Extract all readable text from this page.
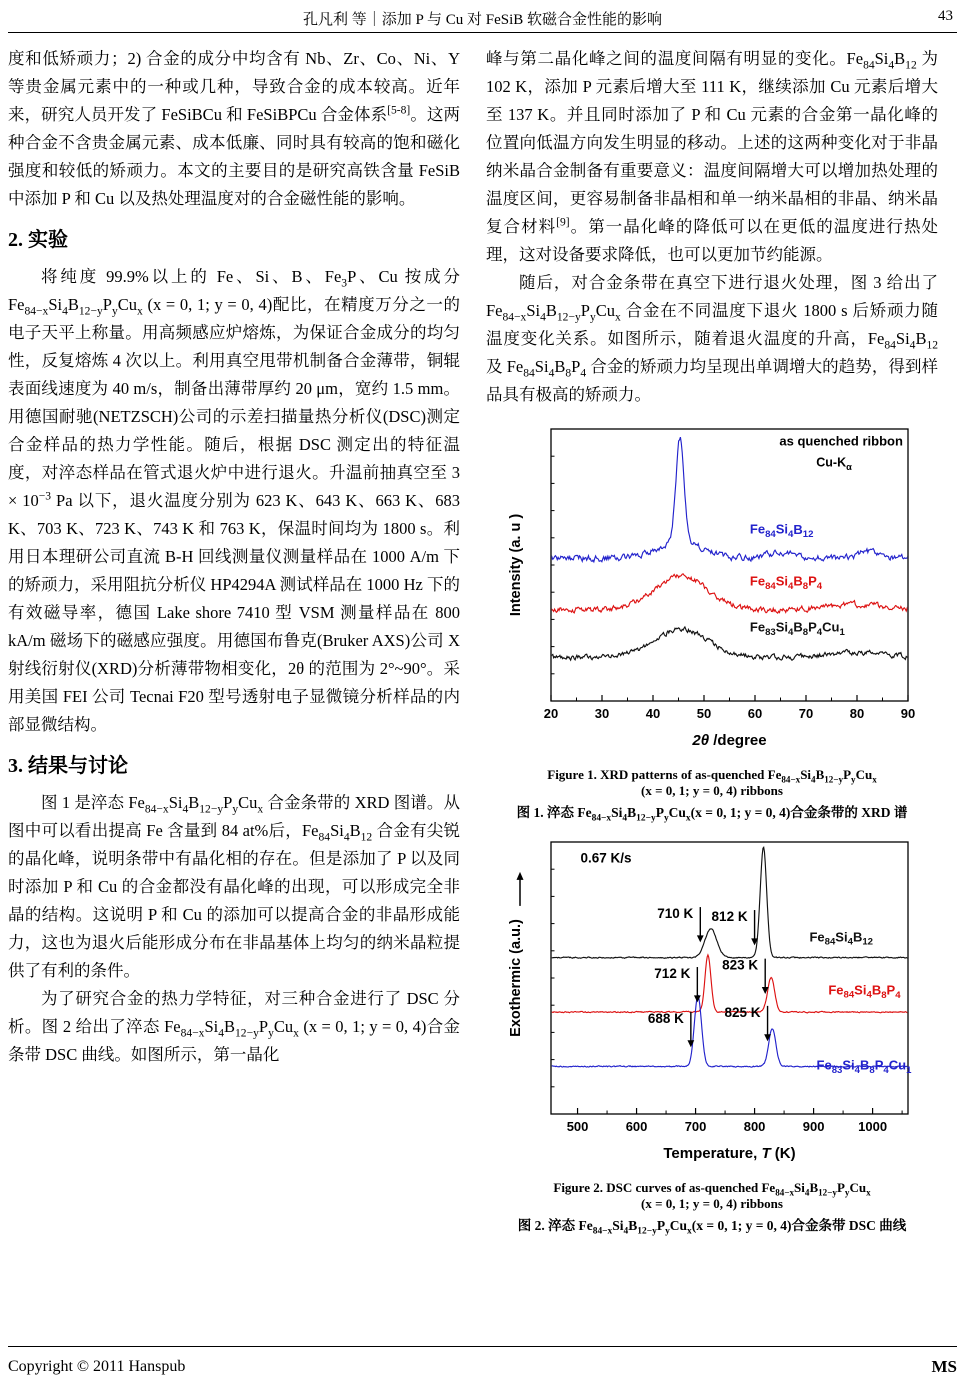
孔凡利 等｜添加 P 与 Cu 对 FeSiB 软磁合金性能的影响	43

度和低矫顽力；2) 合金的成分中均含有 Nb、Zr、Co、Ni、Y 等贵金属元素中的一种或几种，导致合金的成本较高。近年来，研究人员开发了 FeSiBCu 和 FeSiBPCu 合金体系[5-8]。这两种合金不含贵金属元素、成本低廉、同时具有较高的饱和磁化强度和较低的矫顽力。本文的主要目的是研究高铁含量 FeSiB 中添加 P 和 Cu 以及热处理温度对的合金磁性能的影响。

2. 实验

将纯度 99.9%以上的 Fe、Si、B、$Fe_3P$、Cu 按成分 $Fe_{84-x}Si_4B_{12-y}P_yCu_x$ (x = 0, 1; y = 0, 4)配比，在精度万分之一的电子天平上称量。用高频感应炉熔炼，为保证合金成分的均匀性，反复熔炼 4 次以上。利用真空甩带机制备合金薄带，铜辊表面线速度为 40 m/s，制备出薄带厚约 20 μm，宽约 1.5 mm。用德国耐驰(NETZSCH)公司的示差扫描量热分析仪(DSC)测定合金样品的热力学性能。随后，根据 DSC 测定出的特征温度，对淬态样品在管式退火炉中进行退火。升温前抽真空至 $3 \times 10^{-3}$ Pa 以下，退火温度分别为 623 K、643 K、663 K、683 K、703 K、723 K、743 K 和 763 K，保温时间均为 1800 s。利用日本理研公司直流 B-H 回线测量仪测量样品在 1000 A/m 下的矫顽力，采用阻抗分析仪 HP4294A 测试样品在 1000 Hz 下的有效磁导率，德国 Lake shore 7410 型 VSM 测量样品在 800 kA/m 磁场下的磁感应强度。用德国布鲁克(Bruker AXS)公司 X 射线衍射仪(XRD)分析薄带物相变化，2θ 的范围为 2°~90°。采用美国 FEI 公司 Tecnai F20 型号透射电子显微镜分析样品的内部显微结构。

3. 结果与讨论

图 1 是淬态 $Fe_{84-x}Si_4B_{12-y}P_yCu_x$ 合金条带的 XRD 图谱。从图中可以看出提高 Fe 含量到 84 at%后，$Fe_{84}Si_4B_{12}$ 合金有尖锐的晶化峰，说明条带中有晶化相的存在。但是添加了 P 以及同时添加 P 和 Cu 的合金都没有晶化峰的出现，可以形成完全非晶的结构。这说明 P 和 Cu 的添加可以提高合金的非晶形成能力，这也为退火后能形成分布在非晶基体上均匀的纳米晶粒提供了有利的条件。

为了研究合金的热力学特征，对三种合金进行了 DSC 分析。图 2 给出了淬态 $Fe_{84-x}Si_4B_{12-y}P_yCu_x$ (x = 0, 1; y = 0, 4)合金条带 DSC 曲线。如图所示，第一晶化

峰与第二晶化峰之间的温度间隔有明显的变化。$Fe_{84}Si_4B_{12}$ 为 102 K，添加 P 元素后增大至 111 K，继续添加 Cu 元素后增大至 137 K。并且同时添加了 P 和 Cu 元素的合金第一晶化峰的位置向低温方向发生明显的移动。上述的这两种变化对于非晶纳米晶合金制备有重要意义：温度间隔增大可以增加热处理的温度区间，更容易制备非晶相和单一纳米晶相的非晶、纳米晶复合材料[9]。第一晶化峰的降低可以在更低的温度进行热处理，这对设备要求降低，也可以更加节约能源。

随后，对合金条带在真空下进行退火处理，图 3 给出了 $Fe_{84-x}Si_4B_{12-y}P_yCu_x$ 合金在不同温度下退火 1800 s 后矫顽力随温度变化关系。如图所示，随着退火温度的升高，$Fe_{84}Si_4B_{12}$ 及 $Fe_{84}Si_4B_8P_4$ 合金的矫顽力均呈现出单调增大的趋势，得到样品具有极高的矫顽力。

20	30	40	50	60	70	80	90
2θ /degree
Intensity (a. u )	$Fe_{84}Si_4B_{12}$
$Fe_{84}Si_4B_8P_4$
$Fe_{83}Si_4B_8P_4Cu_1$
as quenched ribbon
$Cu-K_\alpha$
Figure 1. XRD patterns of as-quenched $Fe_{84-x}Si_4B_{12-y}P_yCu_x$
(x = 0, 1; y = 0, 4) ribbons
图 1. 淬态 $Fe_{84-x}Si_4B_{12-y}P_yCu_x(x = 0$, 1; y = 0, 4)合金条带的 XRD 谱
500	600	700	800	900	1000
Temperature, T (K)
Exothermic (a.u.)	$Fe_{84}Si_4B_{12}$
710 K 812 K
$Fe_{84}Si_4B_8P_4$
712 K
823 K
$Fe_{83}Si_4B_8P_4Cu_1$
688 K	825 K
0.67 K/s
Figure 2. DSC curves of as-quenched $Fe_{84-x}Si_4B_{12-y}P_yCu_x$
(x = 0, 1; y = 0, 4) ribbons
图 2. 淬态 $Fe_{84-x}Si_4B_{12-y}P_yCu_x(x = 0$, 1; y = 0, 4)合金条带 DSC 曲线
Copyright © 2011 Hanspub	MS
